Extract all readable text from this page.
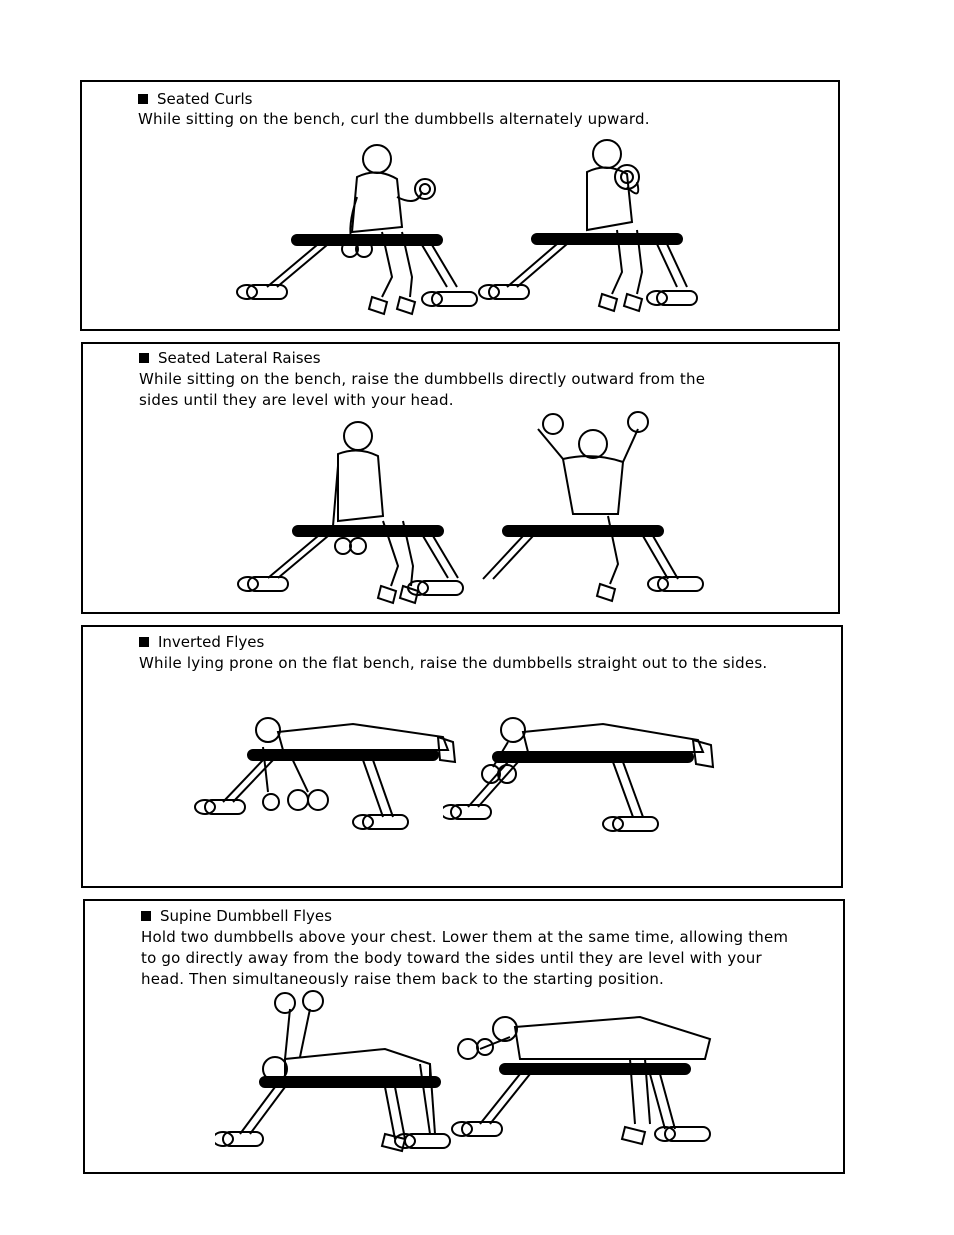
Seated Curls
While sitting on the bench, curl the dumbbells alternately upward.
Seated Lateral Raises
While sitting on the bench, raise the dumbbells directly outward from the
sides until they are level with your head.
Inverted Flyes
While lying prone on the flat bench, raise the dumbbells straight out to the sides.
Supine Dumbbell Flyes
Hold two dumbbells above your chest. Lower them at the same time, allowing them
to go directly away from the body toward the sides until they are level with your
head. Then simultaneously raise them back to the starting position.
